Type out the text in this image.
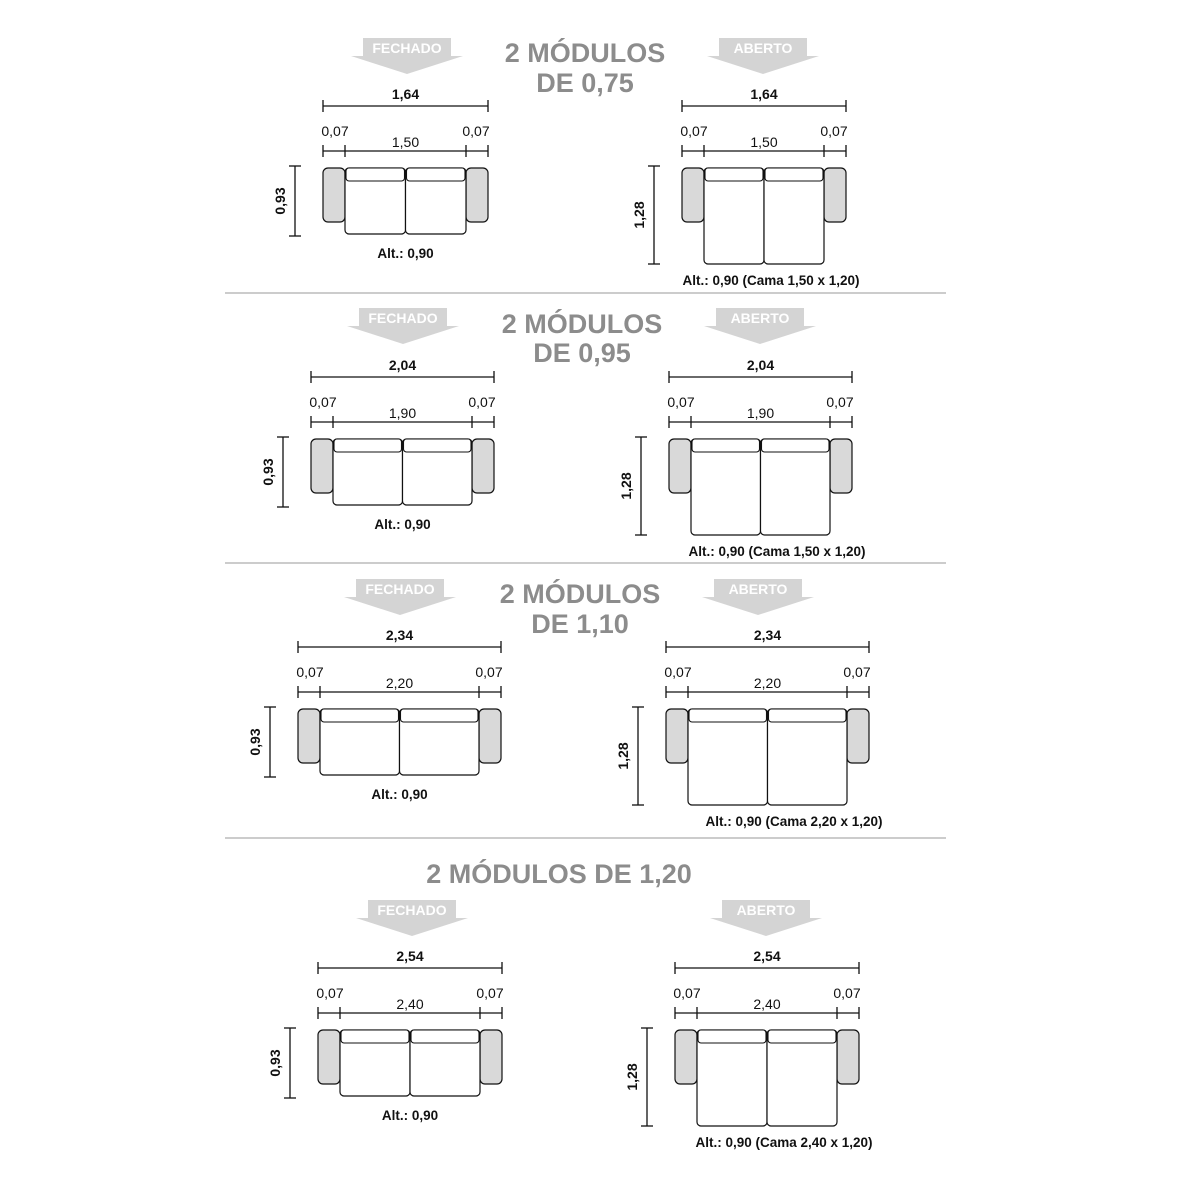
2 MÓDULOS
DE 0,75
FECHADO	ABERTO
1,64
0,07	0,07
1,50
0,93
Alt.: 0,90
1,64
0,07	0,07
1,50
1,28
Alt.: 0,90 (Cama 1,50 x 1,20)
2 MÓDULOS
DE 0,95
FECHADO	ABERTO
2,04
0,07	0,07
1,90
0,93
Alt.: 0,90
2,04
0,07	0,07
1,90
1,28
Alt.: 0,90 (Cama 1,50 x 1,20)
2 MÓDULOS
DE 1,10
FECHADO	ABERTO
2,34
0,07	0,07
2,20
0,93
Alt.: 0,90
2,34
0,07	0,07
2,20
1,28
Alt.: 0,90 (Cama 2,20 x 1,20)
2 MÓDULOS DE 1,20
FECHADO	ABERTO
2,54
0,07	0,07
2,40
0,93
Alt.: 0,90
2,54
0,07	0,07
2,40
1,28
Alt.: 0,90 (Cama 2,40 x 1,20)
